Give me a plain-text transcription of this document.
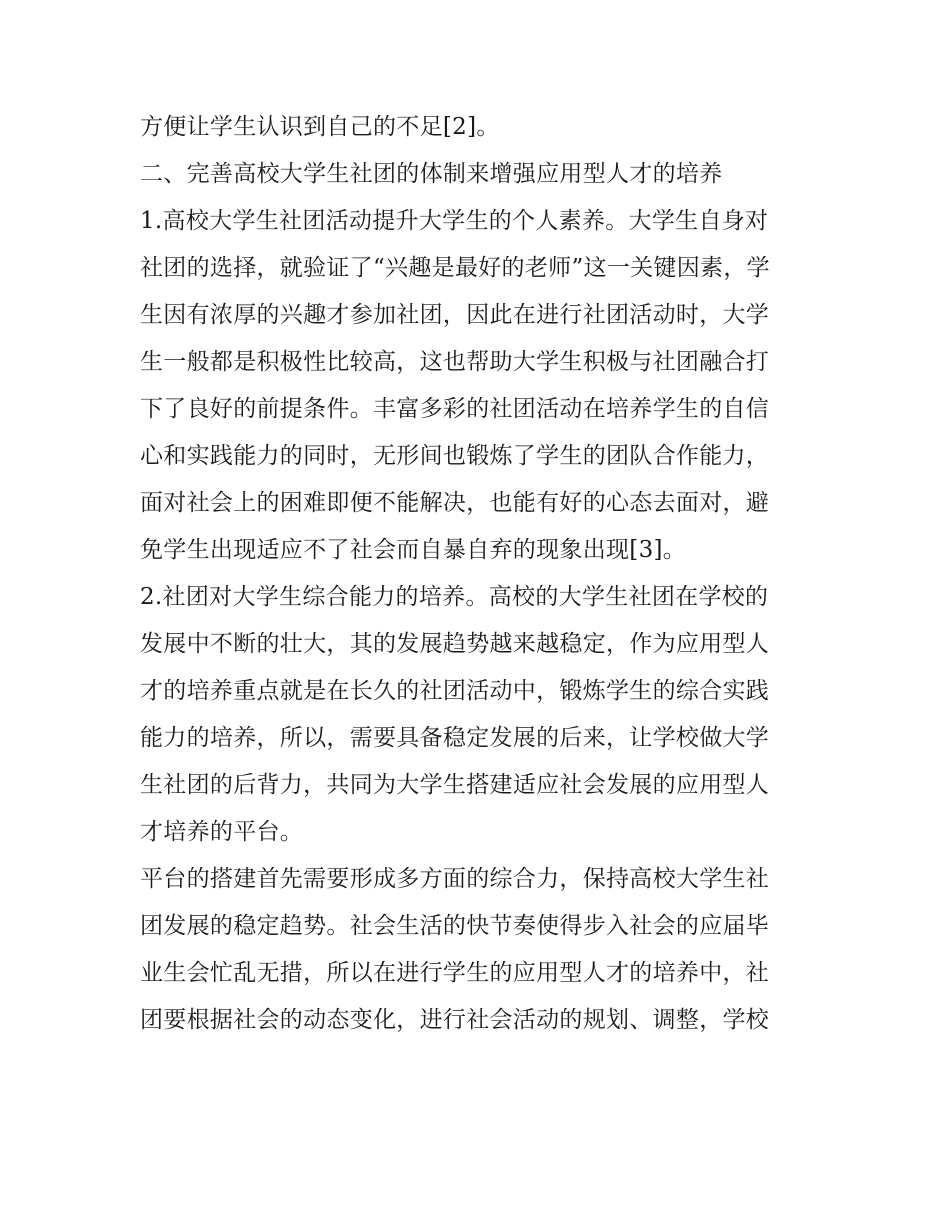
方便让学生认识到自己的不足[2]。
二、完善高校大学生社团的体制来增强应用型人才的培养
1.高校大学生社团活动提升大学生的个人素养。大学生自身对
社团的选择，就验证了“兴趣是最好的老师”这一关键因素，学
生因有浓厚的兴趣才参加社团，因此在进行社团活动时，大学
生一般都是积极性比较高，这也帮助大学生积极与社团融合打
下了良好的前提条件。丰富多彩的社团活动在培养学生的自信
心和实践能力的同时，无形间也锻炼了学生的团队合作能力，
面对社会上的困难即便不能解决，也能有好的心态去面对，避
免学生出现适应不了社会而自暴自弃的现象出现[3]。
2.社团对大学生综合能力的培养。高校的大学生社团在学校的
发展中不断的壮大，其的发展趋势越来越稳定，作为应用型人
才的培养重点就是在长久的社团活动中，锻炼学生的综合实践
能力的培养，所以，需要具备稳定发展的后来，让学校做大学
生社团的后背力，共同为大学生搭建适应社会发展的应用型人
才培养的平台。
平台的搭建首先需要形成多方面的综合力，保持高校大学生社
团发展的稳定趋势。社会生活的快节奏使得步入社会的应届毕
业生会忙乱无措，所以在进行学生的应用型人才的培养中，社
团要根据社会的动态变化，进行社会活动的规划、调整，学校
